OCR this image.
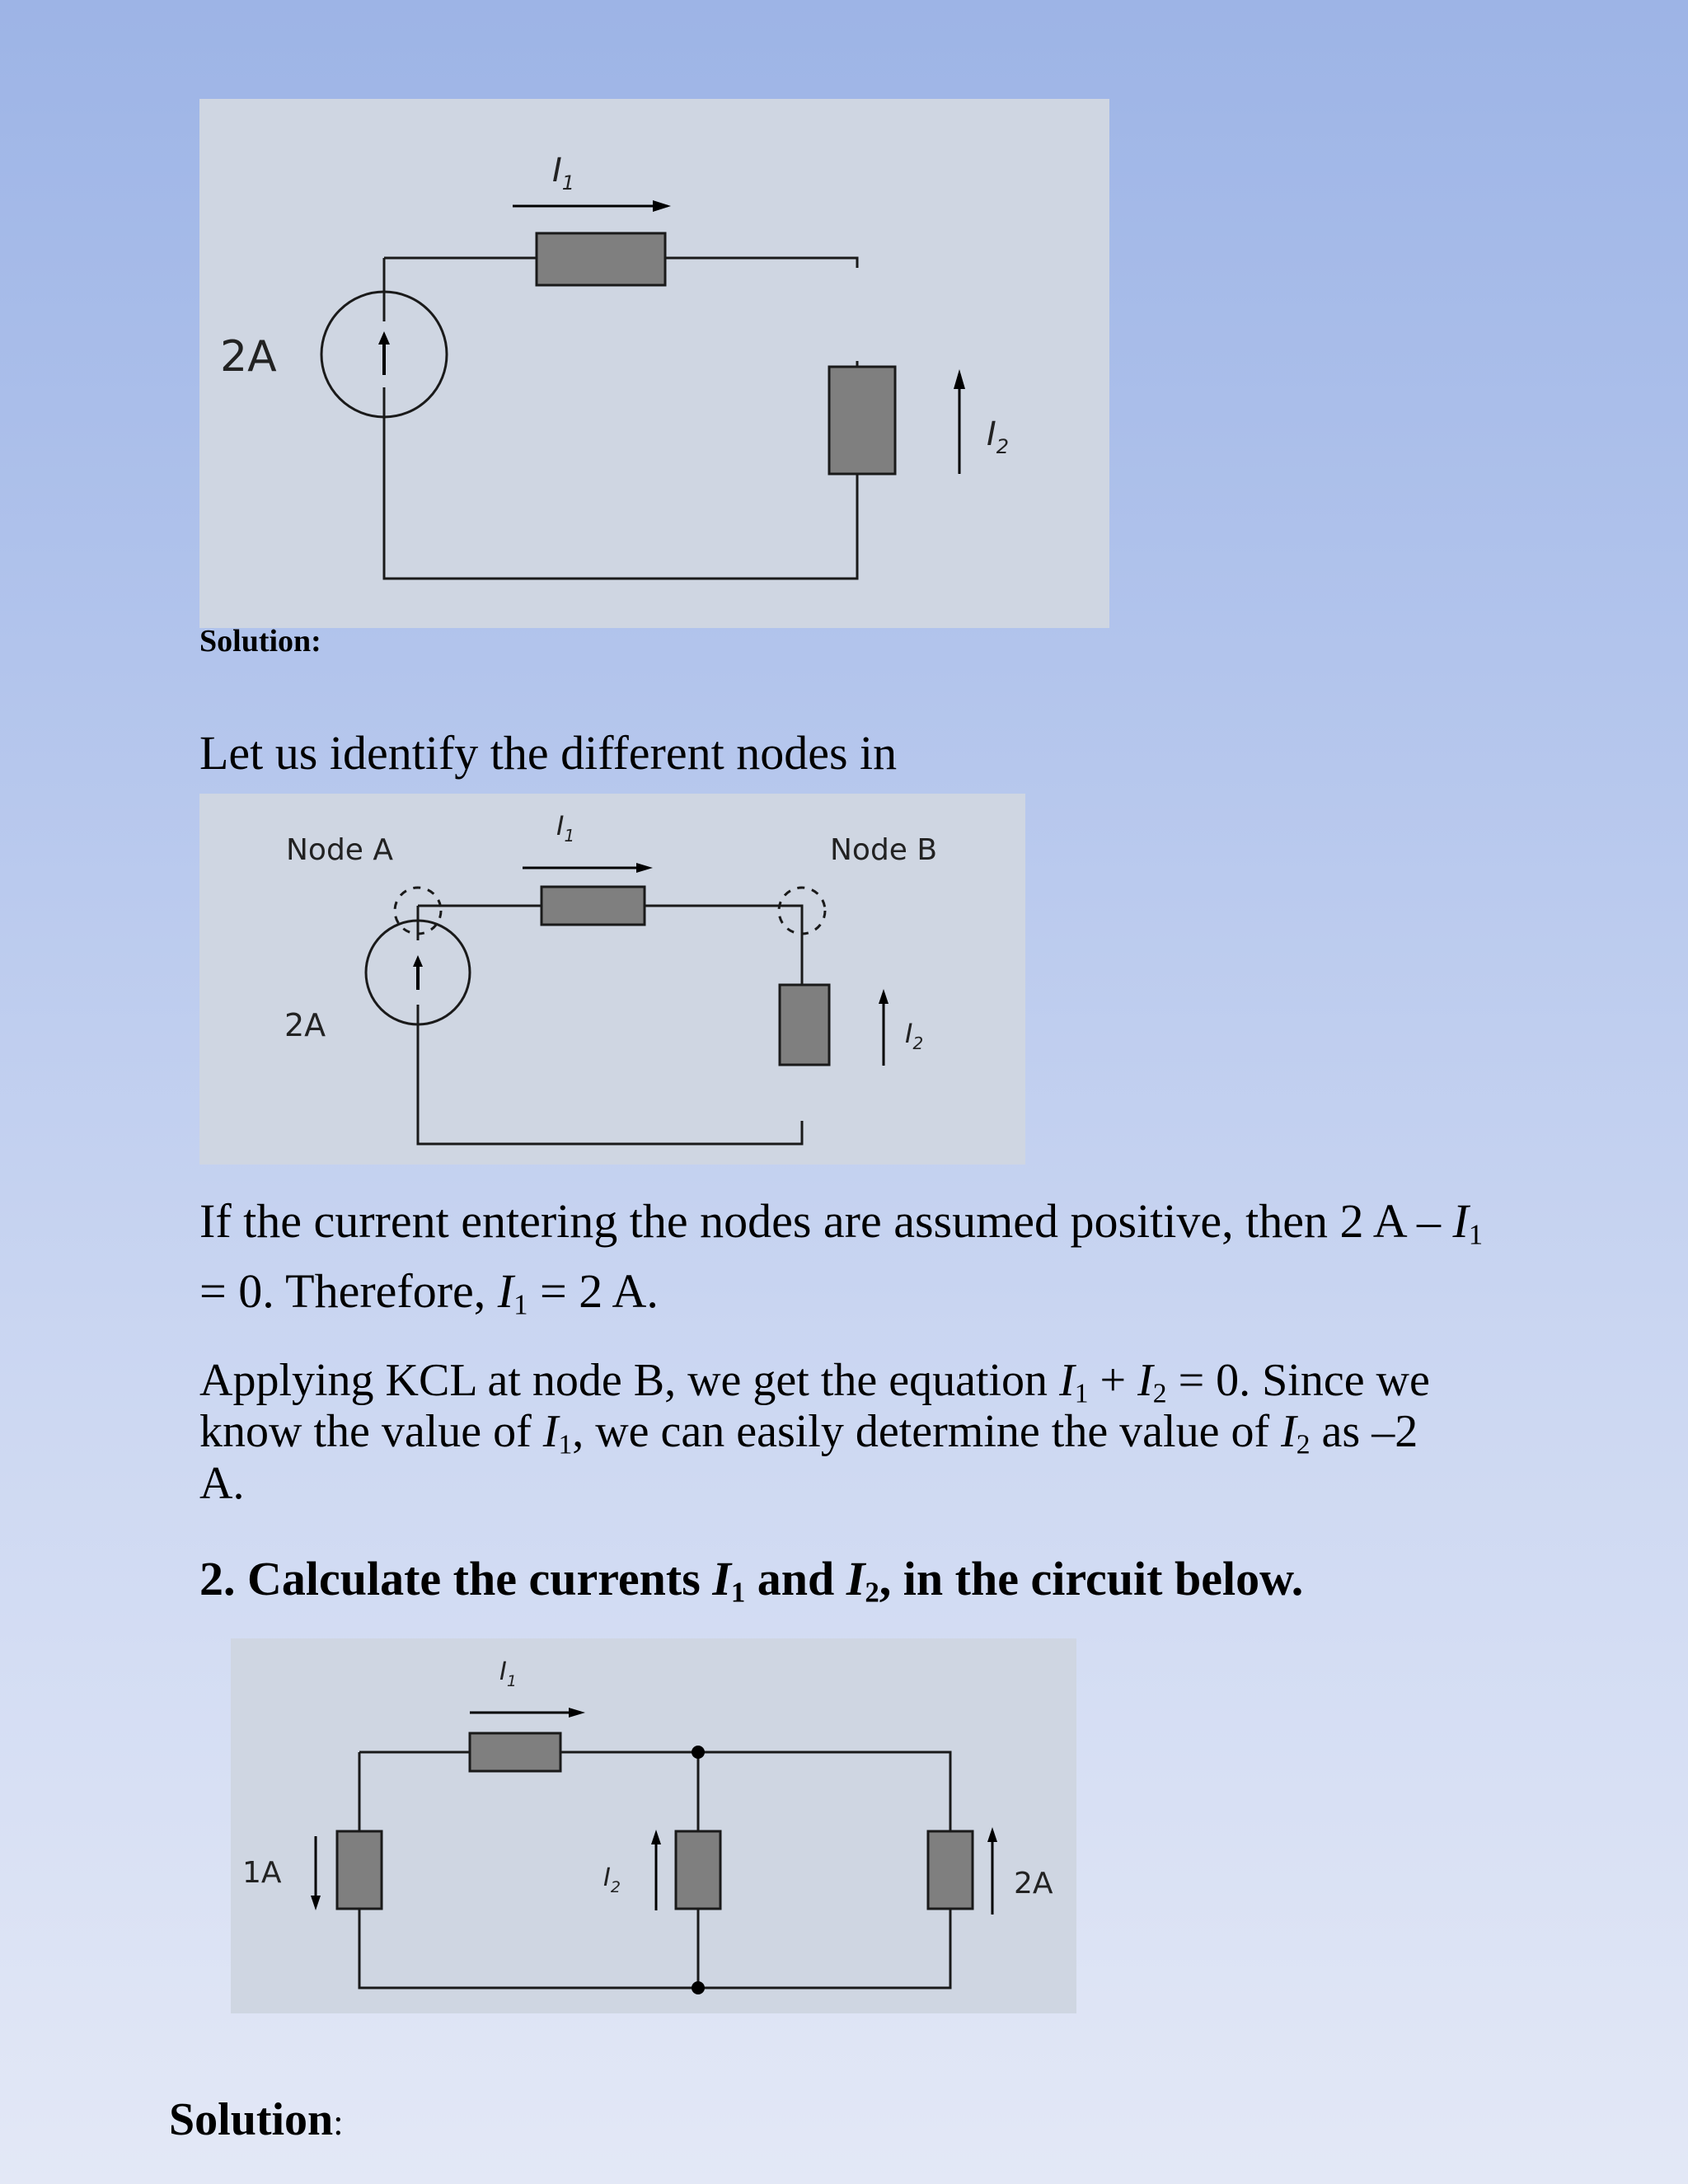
2A
$I_1$
$I_2$

Solution:

Let us identify the different nodes in

Node A	Node B
2A
$I_1$
$I_2$

If the current entering the nodes are assumed positive, then 2 $A - I_1 = 0$. Therefore, $I_1 = 2$ A.

Applying KCL at node B, we get the equation $I_1 + I_2 = 0$. Since we know the value of $I_1$, we can easily determine the value of $I_2$ as –2 A.

2. Calculate the currents $I_1$ and $I_2$, in the circuit below.

1A	2A
$I_1$
$I_2$

Solution:
